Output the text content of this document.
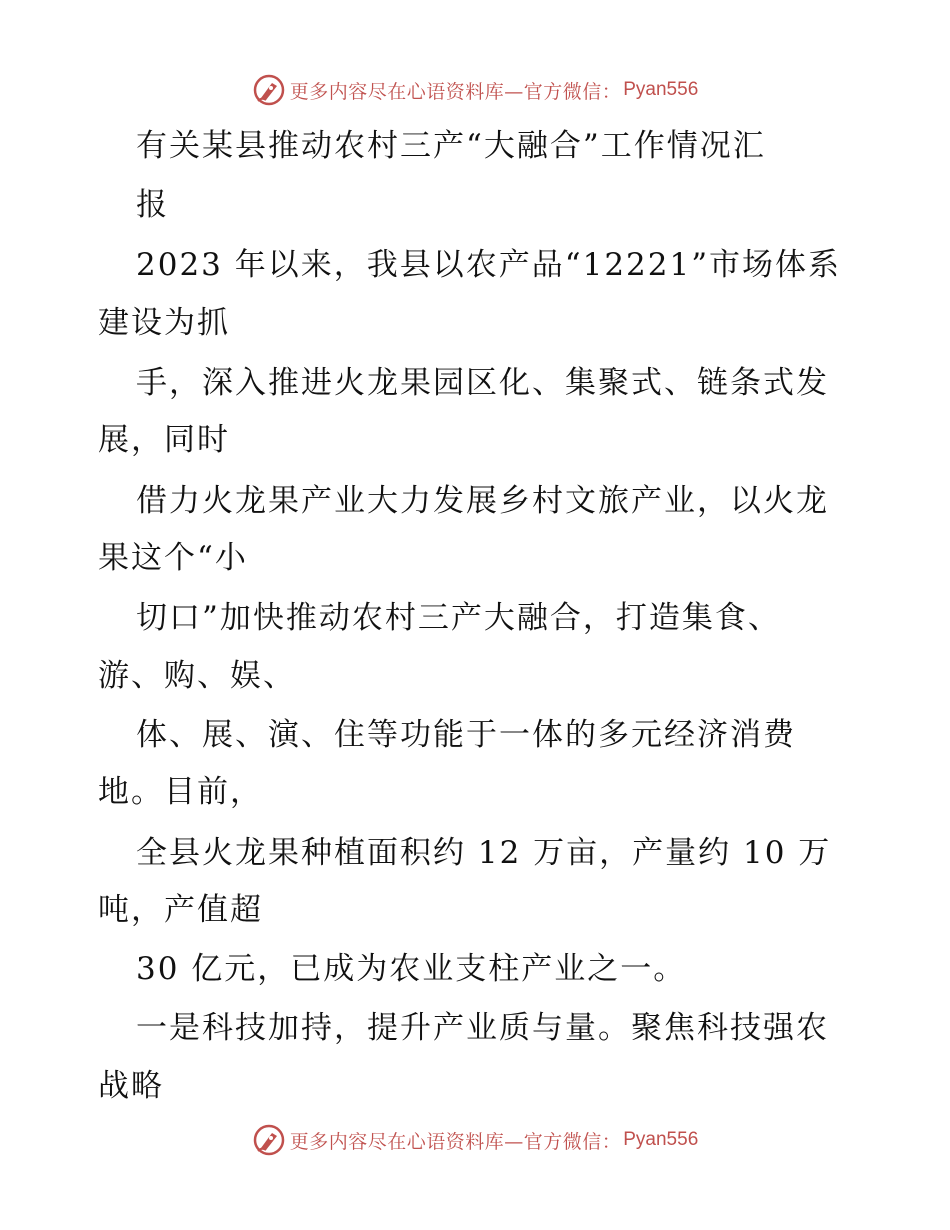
更多内容尽在心语资料库—官方微信： Pyan556
有关某县推动农村三产“大融合”工作情况汇
报
2023 年以来，我县以农产品“12221”市场体系
建设为抓
手，深入推进火龙果园区化、集聚式、链条式发
展，同时
借力火龙果产业大力发展乡村文旅产业，以火龙
果这个“小
切口”加快推动农村三产大融合，打造集食、
游、购、娱、
体、展、演、住等功能于一体的多元经济消费
地。目前，
全县火龙果种植面积约 12 万亩，产量约 10 万
吨，产值超
30 亿元，已成为农业支柱产业之一。
一是科技加持，提升产业质与量。聚焦科技强农
战略
更多内容尽在心语资料库—官方微信： Pyan556
